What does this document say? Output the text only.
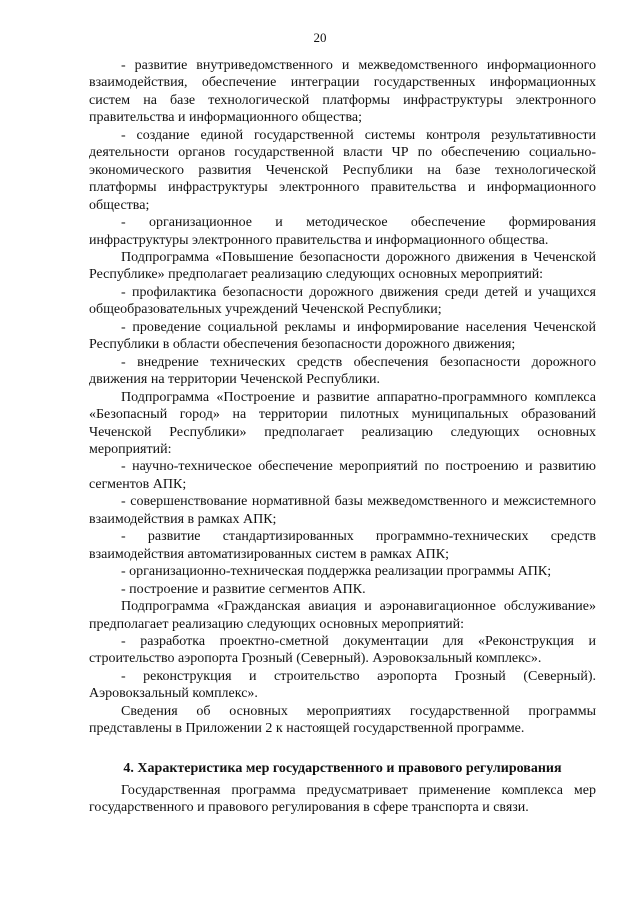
20

- развитие внутриведомственного и межведомственного информационного взаимодействия, обеспечение интеграции государственных информационных систем на базе технологической платформы инфраструктуры электронного правительства и информационного общества;

- создание единой государственной системы контроля результативности деятельности органов государственной власти ЧР по обеспечению социально-экономического развития Чеченской Республики на базе технологической платформы инфраструктуры электронного правительства и информационного общества;

- организационное и методическое обеспечение формирования инфраструктуры электронного правительства и информационного общества.

Подпрограмма «Повышение безопасности дорожного движения в Чеченской Республике» предполагает реализацию следующих основных мероприятий:

- профилактика безопасности дорожного движения среди детей и учащихся общеобразовательных учреждений Чеченской Республики;

- проведение социальной рекламы и информирование населения Чеченской Республики в области обеспечения безопасности дорожного движения;

- внедрение технических средств обеспечения безопасности дорожного движения на территории Чеченской Республики.

Подпрограмма «Построение и развитие аппаратно-программного комплекса «Безопасный город» на территории пилотных муниципальных образований Чеченской Республики» предполагает реализацию следующих основных мероприятий:

- научно-техническое обеспечение мероприятий по построению и развитию сегментов АПК;

- совершенствование нормативной базы межведомственного и межсистемного взаимодействия в рамках АПК;

- развитие стандартизированных программно-технических средств взаимодействия автоматизированных систем в рамках АПК;

- организационно-техническая поддержка реализации программы АПК;

- построение и развитие сегментов АПК.

Подпрограмма «Гражданская авиация и аэронавигационное обслуживание» предполагает реализацию следующих основных мероприятий:

- разработка проектно-сметной документации для «Реконструкция и строительство аэропорта Грозный (Северный). Аэровокзальный комплекс».

- реконструкция и строительство аэропорта Грозный (Северный). Аэровокзальный комплекс».

Сведения об основных мероприятиях государственной программы представлены в Приложении 2 к настоящей государственной программе.

4. Характеристика мер государственного и правового регулирования

Государственная программа предусматривает применение комплекса мер государственного и правового регулирования в сфере транспорта и связи.
